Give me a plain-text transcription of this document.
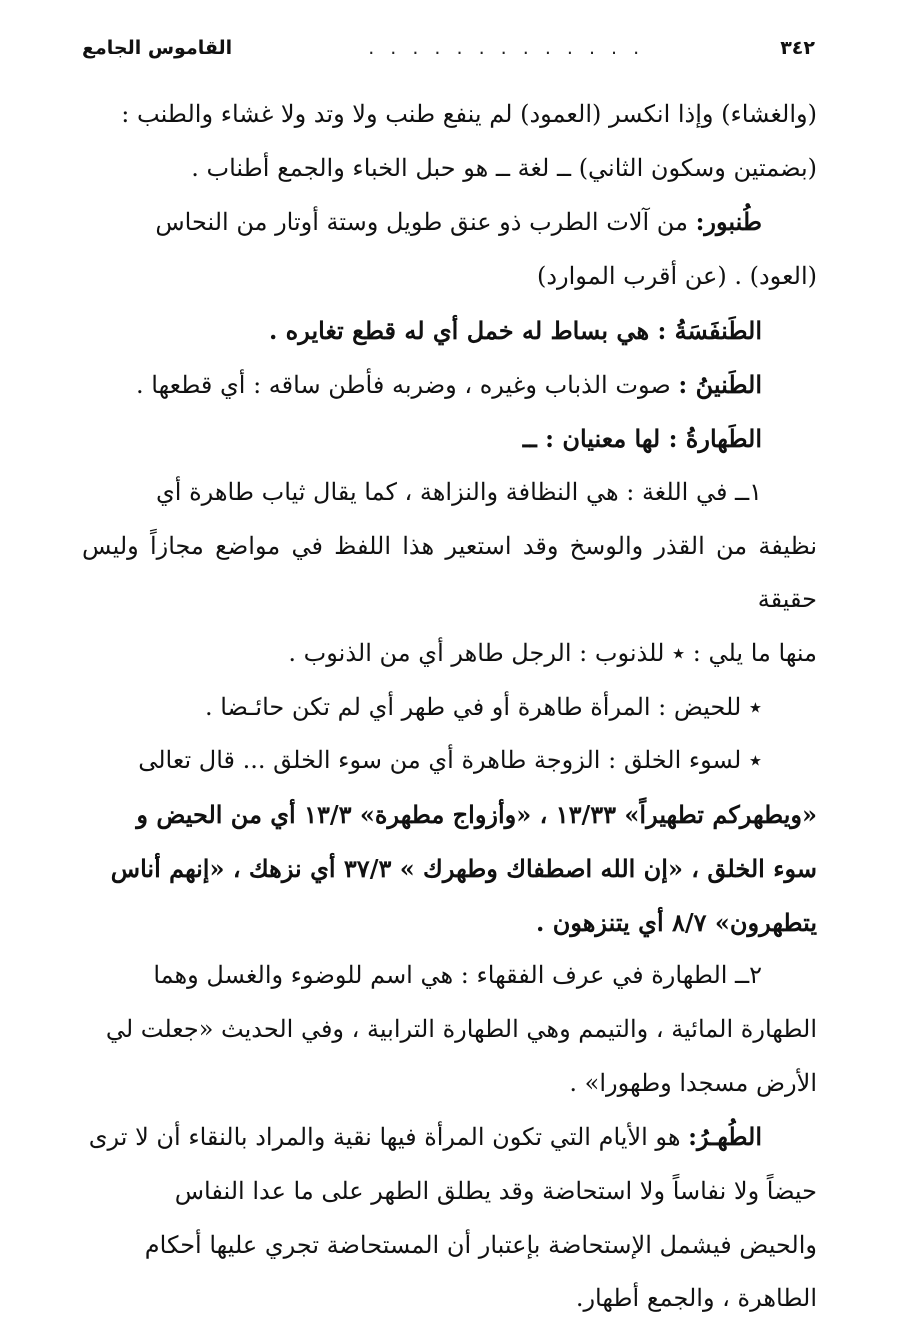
٣٤٢
. . . . . . . . . . . . .
القاموس الجامع

(والغشاء) وإذا انكسر (العمود) لم ينفع طنب ولا وتد ولا غشاء والطنب :

(بضمتين وسكون الثاني) ــ لغة ــ هو حبل الخباء والجمع أطناب .

طُنبور: من آلات الطرب ذو عنق طويل وستة أوتار من النحاس

(العود) . (عن أقرب الموارد)

الطَنفَسَةُ : هي بساط له خمل أي له قطع تغايره .

الطَنينُ : صوت الذباب وغيره ، وضربه فأطن ساقه : أي قطعها .

الطَهارةُ : لها معنيان : ــ

١ــ في اللغة : هي النظافة والنزاهة ، كما يقال ثياب طاهرة أي

نظيفة من القذر والوسخ وقد استعير هذا اللفظ في مواضع مجازاً وليس حقيقة

منها ما يلي : ٭ للذنوب : الرجل طاهر أي من الذنوب .

٭ للحيض : المرأة طاهرة أو في طهر أي لم تكن حائـضا .

٭ لسوء الخلق : الزوجة طاهرة أي من سوء الخلق ... قال تعالى

«ويطهركم تطهيراً» ١٣/٣٣ ، «وأزواج مطهرة» ١٣/٣ أي من الحيض و

سوء الخلق ، «إن الله اصطفاك وطهرك » ٣٧/٣ أي نزهك ، «إنهم أناس

يتطهرون» ٨/٧ أي يتنزهون .

٢ــ الطهارة في عرف الفقهاء : هي اسم للوضوء والغسل وهما

الطهارة المائية ، والتيمم وهي الطهارة الترابية ، وفي الحديث «جعلت لي

الأرض مسجدا وطهورا» .

الطُهـرُ: هو الأيام التي تكون المرأة فيها نقية والمراد بالنقاء أن لا ترى

حيضاً ولا نفاساً ولا استحاضة وقد يطلق الطهر على ما عدا النفاس

والحيض فيشمل الإستحاضة بإعتبار أن المستحاضة تجري عليها أحكام

الطاهرة ، والجمع أطهار.
